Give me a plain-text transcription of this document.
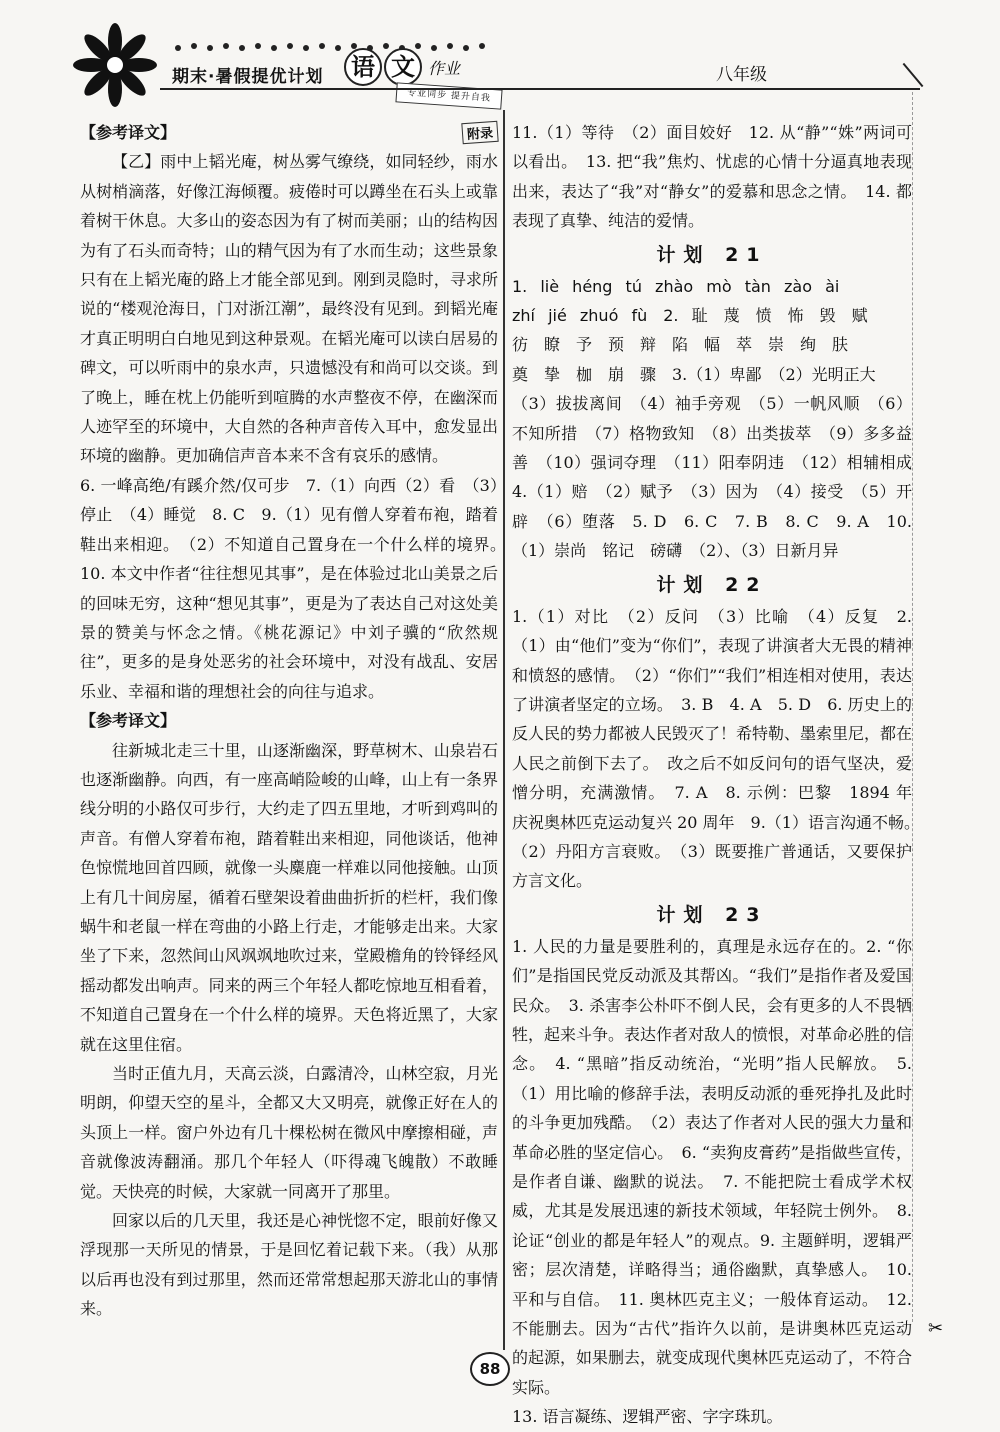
期末·暑假提优计划 语 文 作业
专业同步 提升自我
八年级

【参考译文】	附录

【乙】雨中上韬光庵，树丛雾气缭绕，如同轻纱，雨水从树梢滴落，好像江海倾覆。疲倦时可以蹲坐在石头上或靠着树干休息。大多山的姿态因为有了树而美丽；山的结构因为有了石头而奇特；山的精气因为有了水而生动；这些景象只有在上韬光庵的路上才能全部见到。刚到灵隐时，寻求所说的“楼观沧海日，门对浙江潮”，最终没有见到。到韬光庵才真正明明白白地见到这种景观。在韬光庵可以读白居易的碑文，可以听雨中的泉水声，只遗憾没有和尚可以交谈。到了晚上，睡在枕上仍能听到喧腾的水声整夜不停，在幽深而人迹罕至的环境中，大自然的各种声音传入耳中，愈发显出环境的幽静。更加确信声音本来不含有哀乐的感情。

6. 一峰高绝/有蹊介然/仅可步　7.（1）向西（2）看　（3）停止　（4）睡觉　8. C　9.（1）见有僧人穿着布袍，踏着鞋出来相迎。　（2）不知道自己置身在一个什么样的境界。　10. 本文中作者“往往想见其事”，是在体验过北山美景之后的回味无穷，这种“想见其事”，更是为了表达自己对这处美景的赞美与怀念之情。《桃花源记》中刘子骥的“欣然规往”，更多的是身处恶劣的社会环境中，对没有战乱、安居乐业、幸福和谐的理想社会的向往与追求。

【参考译文】

往新城北走三十里，山逐渐幽深，野草树木、山泉岩石也逐渐幽静。向西，有一座高峭险峻的山峰，山上有一条界线分明的小路仅可步行，大约走了四五里地，才听到鸡叫的声音。有僧人穿着布袍，踏着鞋出来相迎，同他谈话，他神色惊慌地回首四顾，就像一头麋鹿一样难以同他接触。山顶上有几十间房屋，循着石壁架设着曲曲折折的栏杆，我们像蜗牛和老鼠一样在弯曲的小路上行走，才能够走出来。大家坐了下来，忽然间山风飒飒地吹过来，堂殿檐角的铃铎经风摇动都发出响声。同来的两三个年轻人都吃惊地互相看着，不知道自己置身在一个什么样的境界。天色将近黑了，大家就在这里住宿。

当时正值九月，天高云淡，白露清冷，山林空寂，月光明朗，仰望天空的星斗，全都又大又明亮，就像正好在人的头顶上一样。窗户外边有几十棵松树在微风中摩擦相碰，声音就像波涛翻涌。那几个年轻人（吓得魂飞魄散）不敢睡觉。天快亮的时候，大家就一同离开了那里。

回家以后的几天里，我还是心神恍惚不定，眼前好像又浮现那一天所见的情景，于是回忆着记载下来。（我）从那以后再也没有到过那里，然而还常常想起那天游北山的事情来。

11.（1）等待　（2）面目姣好　12. 从“静”“姝”两词可以看出。　13. 把“我”焦灼、忧虑的心情十分逼真地表现出来，表达了“我”对“静女”的爱慕和思念之情。　14. 都表现了真挚、纯洁的爱情。

计划 21

1. liè héng tú zhào mò tàn zào ài

zhí jié zhuó fù　2. 耻　蔑　愤　怖　毁　赋

彷　瞭　予　预　辩　陷　幅　萃　崇　绚　肤

奠　挚　枷　崩　骤　3.（1）卑鄙　（2）光明正大

（3）拔拔离间　（4）袖手旁观　（5）一帆风顺　（6）不知所措　（7）格物致知　（8）出类拔萃　（9）多多益善　（10）强词夺理　（11）阳奉阴违　（12）相辅相成　4.（1）赔　（2）赋予　（3）因为　（4）接受　（5）开辟　（6）堕落　5. D　6. C　7. B　8. C　9. A　10.（1）崇尚　铭记　磅礴　（2）、（3）日新月异

计划 22

1.（1）对比　（2）反问　（3）比喻　（4）反复　2.（1）由“他们”变为“你们”，表现了讲演者大无畏的精神和愤怒的感情。　（2）“你们”“我们”相连相对使用，表达了讲演者坚定的立场。　3. B　4. A　5. D　6. 历史上的反人民的势力都被人民毁灭了！希特勒、墨索里尼，都在人民之前倒下去了。　改之后不如反问句的语气坚决，爱憎分明，充满激情。　7. A　8. 示例：巴黎　1894 年　庆祝奥林匹克运动复兴 20 周年　9.（1）语言沟通不畅。　（2）丹阳方言衰败。　（3）既要推广普通话，又要保护方言文化。

计划 23

1. 人民的力量是要胜利的，真理是永远存在的。2. “你们”是指国民党反动派及其帮凶。“我们”是指作者及爱国民众。　3. 杀害李公朴吓不倒人民，会有更多的人不畏牺牲，起来斗争。表达作者对敌人的愤恨，对革命必胜的信念。　4. “黑暗”指反动统治，“光明”指人民解放。　5.（1）用比喻的修辞手法，表明反动派的垂死挣扎及此时的斗争更加残酷。　（2）表达了作者对人民的强大力量和革命必胜的坚定信心。　6. “卖狗皮膏药”是指做些宣传，是作者自谦、幽默的说法。　7. 不能把院士看成学术权威，尤其是发展迅速的新技术领域，年轻院士例外。　8. 论证“创业的都是年轻人”的观点。9. 主题鲜明，逻辑严密；层次清楚，详略得当；通俗幽默，真挚感人。　10. 平和与自信。　11. 奥林匹克主义；一般体育运动。　12. 不能删去。因为“古代”指许久以前，是讲奥林匹克运动的起源，如果删去，就变成现代奥林匹克运动了，不符合实际。

13. 语言凝练、逻辑严密、字字珠玑。

✂
88
